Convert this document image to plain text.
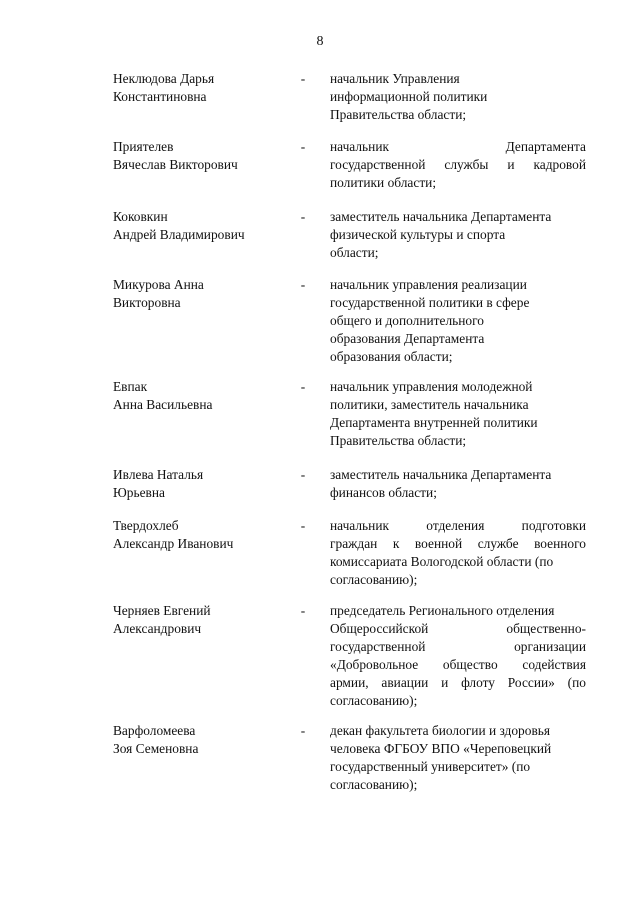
8
Неклюдова Дарья
Константиновна
- начальник Управления
информационной политики
Правительства области;
Приятелев
Вячеслав Викторович
- начальник Департамента
государственной службы и кадровой
политики области;
Коковкин
Андрей Владимирович
- заместитель начальника Департамента
физической культуры и спорта
области;
Микурова Анна
Викторовна
- начальник управления реализации
государственной политики в сфере
общего и дополнительного
образования Департамента
образования области;
Евпак
Анна Васильевна
- начальник управления молодежной
политики, заместитель начальника
Департамента внутренней политики
Правительства области;
Ивлева Наталья
Юрьевна
- заместитель начальника Департамента
финансов области;
Твердохлеб
Александр Иванович
- начальник отделения подготовки
граждан к военной службе военного
комиссариата Вологодской области (по
согласованию);
Черняев Евгений
Александрович
- председатель Регионального отделения
Общероссийской общественно-
государственной организации
«Добровольное общество содействия
армии, авиации и флоту России» (по
согласованию);
Варфоломеева
Зоя Семеновна
- декан факультета биологии и здоровья
человека ФГБОУ ВПО «Череповецкий
государственный университет» (по
согласованию);
